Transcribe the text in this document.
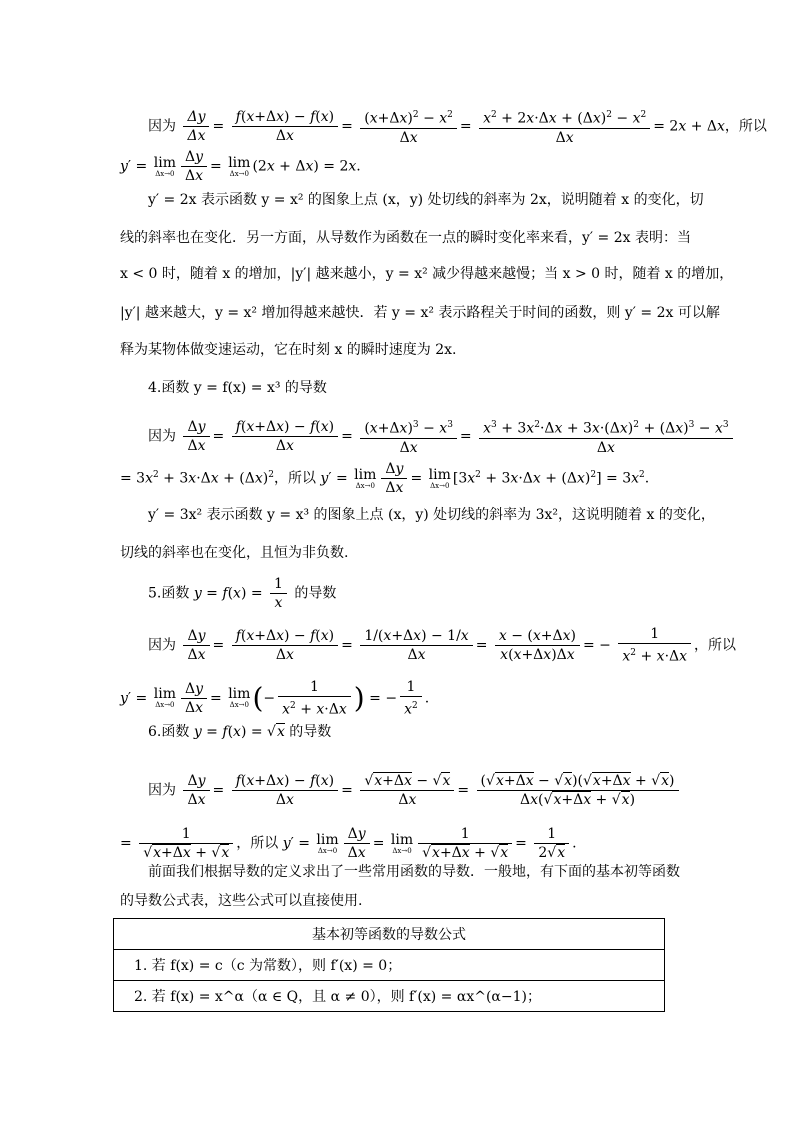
因为 $\frac{\Delta y}{\Delta x} = \frac{f(x+\Delta x) - f(x)}{\Delta x} = \frac{(x+\Delta x)^2 - x^2}{\Delta x} = \frac{x^2 + 2x\cdot\Delta x + (\Delta x)^2 - x^2}{\Delta x} = 2x + \Delta x$，所以
y′ = lim
$\Delta x\to 0 \frac{\Delta y}{\Delta x} = \lim$
Δx→0 (2x + Δx) = 2x.
y′ = 2x 表示函数 y = x² 的图象上点 (x，y) 处切线的斜率为 2x，说明随着 x 的变化，切
线的斜率也在变化．另一方面，从导数作为函数在一点的瞬时变化率来看，y′ = 2x 表明：当
x < 0 时，随着 x 的增加，|y′| 越来越小，y = x² 减少得越来越慢；当 x > 0 时，随着 x 的增加，
|y′| 越来越大，y = x² 增加得越来越快．若 y = x² 表示路程关于时间的函数，则 y′ = 2x 可以解
释为某物体做变速运动，它在时刻 x 的瞬时速度为 2x.
4.函数 y = f(x) = x³ 的导数
因为 $\frac{\Delta y}{\Delta x} = \frac{f(x+\Delta x) - f(x)}{\Delta x} = \frac{(x+\Delta x)^3 - x^3}{\Delta x} = \frac{x^3 + 3x^2\cdot\Delta x + 3x\cdot(\Delta x)^2 + (\Delta x)^3 - x^3}{\Delta x}$
= $3x^2 + 3x\cdot\Delta x + (\Delta x)^2$，所以 y′ = lim
$\Delta x\to 0 \frac{\Delta y}{\Delta x} = \lim$
Δx→0 $[3x^2 + 3x\cdot\Delta x + (\Delta x)^2] = 3x^2$.
y′ = 3x² 表示函数 y = x³ 的图象上点 (x，y) 处切线的斜率为 3x²，这说明随着 x 的变化，
切线的斜率也在变化，且恒为非负数.
5.函数 $y = f(x) = \frac{1}{x}$ 的导数
因为 $\frac{\Delta y}{\Delta x} = \frac{f(x+\Delta x) - f(x)}{\Delta x} = \frac{1/(x+\Delta x) - 1/x}{\Delta x} = \frac{x - (x+\Delta x)}{x(x+\Delta x)\Delta x}$ = − $\frac{1}{x^2 + x\cdot\Delta x}$ ，所以
y′ = lim
$\Delta x\to 0 \frac{\Delta y}{\Delta x} = \lim$
Δx→0 (− $\frac{1}{x^2 + x\cdot\Delta x}$ ) = − $\frac{1}{x^2}$ .
6.函数 y = f(x) = √x 的导数
因为 $\frac{\Delta y}{\Delta x} = \frac{f(x+\Delta x) - f(x)}{\Delta x} = \frac{√x+\Delta x - √x}{\Delta x} = \frac{(√x+\Delta x - √x)(√x+\Delta x + √x)}{\Delta x(√x+\Delta x + √x)}$
= $\frac{1}{√x+\Delta x + √x}$ ，所以 y′ = lim
$\Delta x\to 0 \frac{\Delta y}{\Delta x} = \lim$
$\Delta x\to 0 \frac{1}{√x+\Delta x + √x} = \frac{1}{2√x}$ .
前面我们根据导数的定义求出了一些常用函数的导数．一般地，有下面的基本初等函数
的导数公式表，这些公式可以直接使用.
基本初等函数的导数公式
1. 若 f(x) = c（c 为常数），则 f′(x) = 0；
2. 若 f(x) = x^α（α ∈ Q，且 α ≠ 0），则 f′(x) = αx^(α−1)；
